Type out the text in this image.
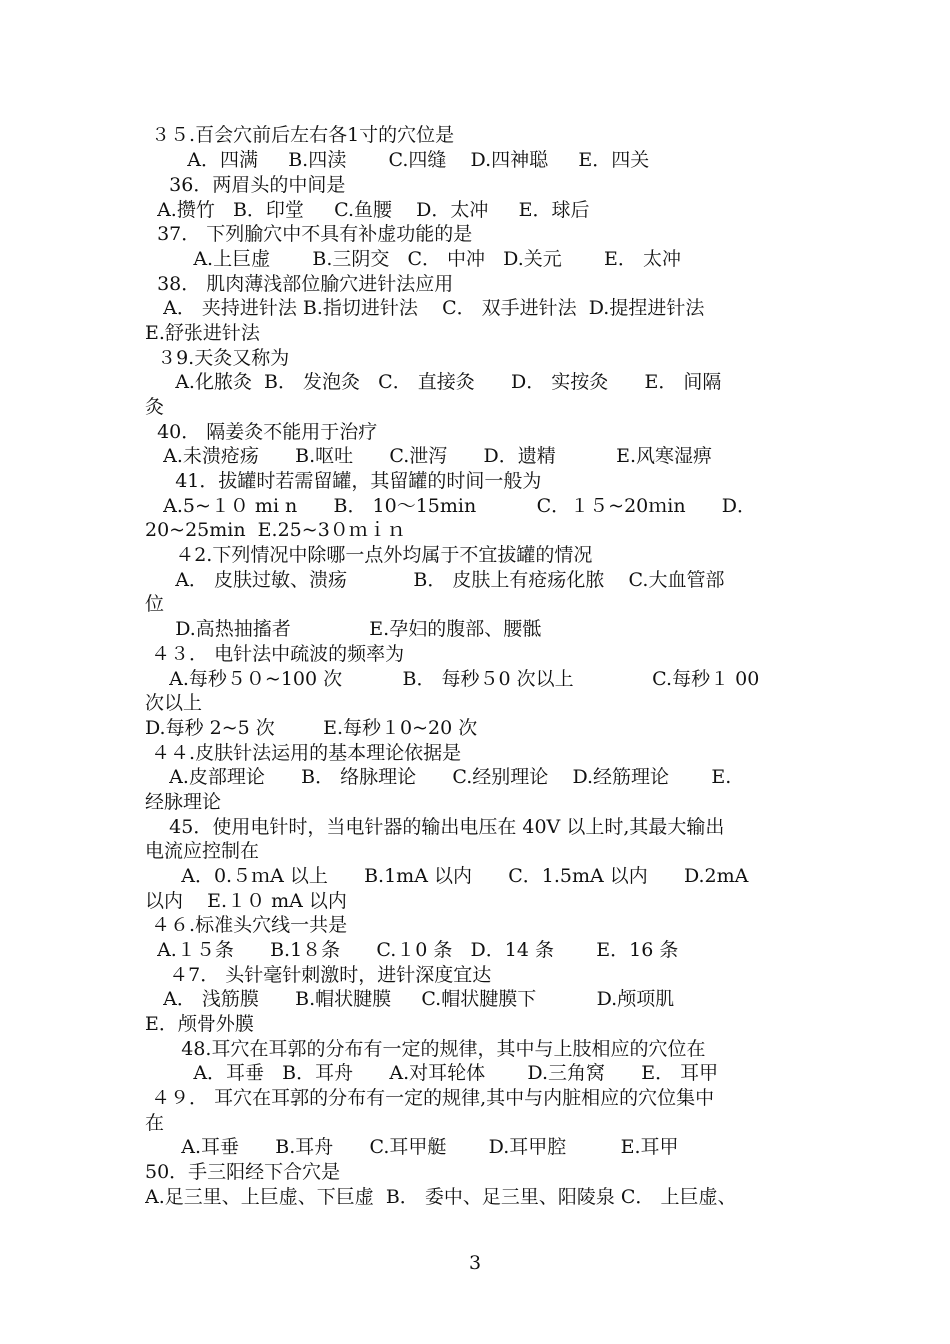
３５.百会穴前后左右各1寸的穴位是
A．四满     B.四渎       C.四缝    D.四神聪     E．四关
36．两眉头的中间是
A.攒竹   B．印堂     C.鱼腰    D．太冲     E．球后
37． 下列腧穴中不具有补虚功能的是
A.上巨虚       B.三阴交   C． 中冲   D.关元       E． 太冲
38． 肌肉薄浅部位腧穴进针法应用
A． 夹持进针法 B.指切进针法    C． 双手进针法  D.提捏进针法
E.舒张进针法
３9.天灸又称为
A.化脓灸  B． 发泡灸   C． 直接灸      D． 实按灸      E． 间隔
灸
40． 隔姜灸不能用于治疗
A.未溃疮疡      B.呕吐      C.泄泻      D．遗精          E.风寒湿痹
41．拔罐时若需留罐，其留罐的时间一般为
A.5~１０ mi n      B． 10～15min          C．１５~20ｍin      D．
20~25min  E.25~3０ｍｉｎ
４2.下列情况中除哪一点外均属于不宜拔罐的情况
A． 皮肤过敏、溃疡           B． 皮肤上有疮疡化脓    C.大血管部
位
D.高热抽搐者             E.孕妇的腹部、腰骶
４３． 电针法中疏波的频率为
A.每秒５０~100 次          B． 每秒５0 次以上             C.每秒１ 00
次以上
D.每秒 2~5 次        E.每秒１0~20 次
４４.皮肤针法运用的基本理论依据是
A.皮部理论      B． 络脉理论      C.经别理论    D.经筋理论       E.
经脉理论
45．使用电针时，当电针器的输出电压在 40V 以上时,其最大输出
电流应控制在
A．0.５ｍA 以上      B.1mA 以内      C．1.5mA 以内      D.2mA
以内    E.１０ mA 以内
４６.标准头穴线一共是
A.１５条      B.1８条      C.１0 条   D．14 条       E．16 条
４7． 头针毫针刺激时，进针深度宜达
A． 浅筋膜      B.帽状腱膜     C.帽状腱膜下          D.颅项肌
E．颅骨外膜
48.耳穴在耳郭的分布有一定的规律，其中与上肢相应的穴位在
A．耳垂   B．耳舟      A.对耳轮体       D.三角窝      E． 耳甲
４９． 耳穴在耳郭的分布有一定的规律,其中与内脏相应的穴位集中
在
A.耳垂      B.耳舟      C.耳甲艇       D.耳甲腔         E.耳甲
50．手三阳经下合穴是
A.足三里、上巨虚、下巨虚  B． 委中、足三里、阳陵泉 C． 上巨虚、
3
